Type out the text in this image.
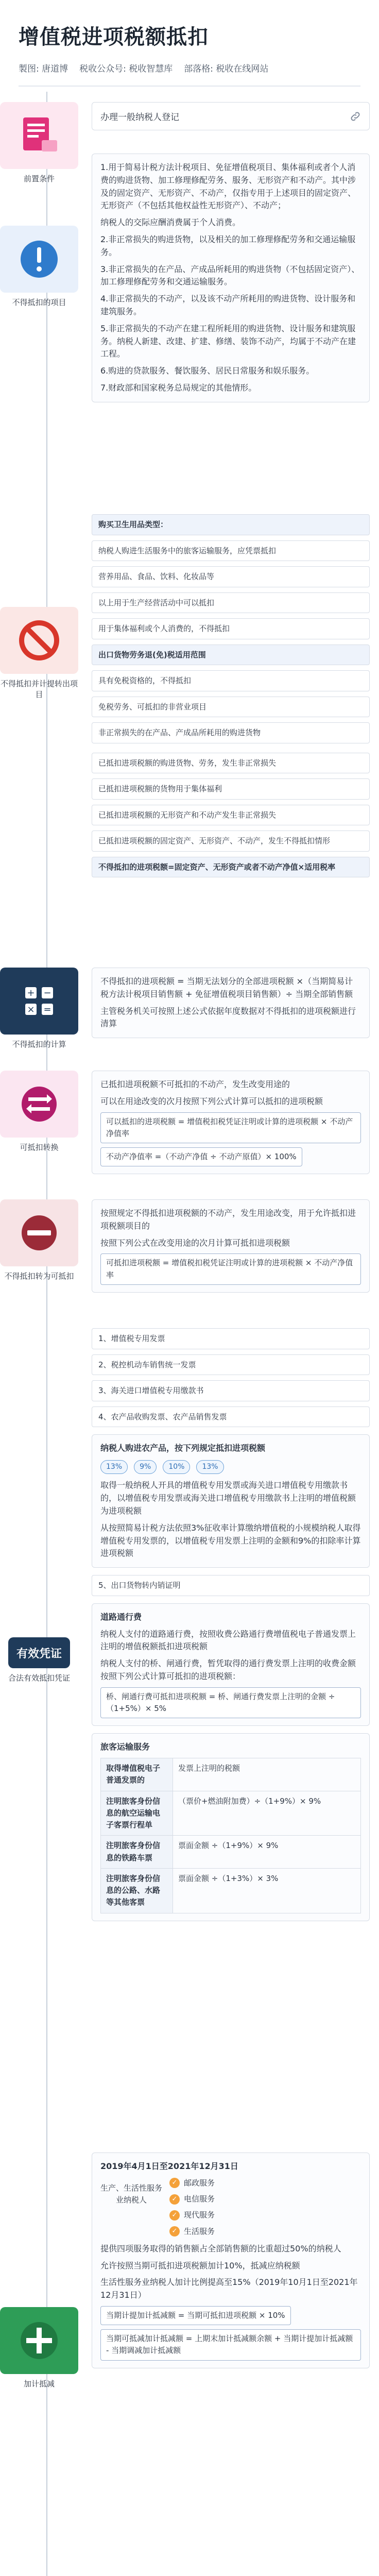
增值税进项税额抵扣
製图: 唐道博 税收公众号: 税收智慧库 部落格: 税收在线网站
前置条件
办理一般纳税人登记
不得抵扣的项目

1.用于简易计税方法计税项目、免征增值税项目、集体福利或者个人消费的购进货物、加工修理修配劳务、服务、无形资产和不动产。其中涉及的固定资产、无形资产、不动产，仅指专用于上述项目的固定资产、无形资产（不包括其他权益性无形资产）、不动产；

纳税人的交际应酬消费属于个人消费。

2.非正常损失的购进货物，以及相关的加工修理修配劳务和交通运输服务。

3.非正常损失的在产品、产成品所耗用的购进货物（不包括固定资产）、加工修理修配劳务和交通运输服务。

4.非正常损失的不动产，以及该不动产所耗用的购进货物、设计服务和建筑服务。

5.非正常损失的不动产在建工程所耗用的购进货物、设计服务和建筑服务。纳税人新建、改建、扩建、修缮、装饰不动产，均属于不动产在建工程。

6.购进的贷款服务、餐饮服务、居民日常服务和娱乐服务。

7.财政部和国家税务总局规定的其他情形。

不得抵扣并计提转出项目
购买卫生用品类型：
纳税人购进生活服务中的旅客运输服务，应凭票抵扣
营养用品、食品、饮料、化妆品等
以上用于生产经营活动中可以抵扣
用于集体福利或个人消费的，不得抵扣
出口货物劳务退(免)税适用范围
具有免税资格的，不得抵扣
免税劳务、可抵扣的非营业项目
非正常损失的在产品、产成品所耗用的购进货物
已抵扣进项税额的购进货物、劳务，发生非正常损失
已抵扣进项税额的货物用于集体福利
已抵扣进项税额的无形资产和不动产发生非正常损失
已抵扣进项税额的固定资产、无形资产、不动产，发生不得抵扣情形
不得抵扣的进项税额=固定资产、无形资产或者不动产净值×适用税率
+ −
× =
不得抵扣的计算

不得抵扣的进项税额 = 当期无法划分的全部进项税额 ×（当期简易计税方法计税项目销售额 + 免征增值税项目销售额）÷ 当期全部销售额

主管税务机关可按照上述公式依据年度数据对不得抵扣的进项税额进行清算

可抵扣转换

已抵扣进项税额不可抵扣的不动产，发生改变用途的

可以在用途改变的次月按照下列公式计算可以抵扣的进项税额

可以抵扣的进项税额 = 增值税扣税凭证注明或计算的进项税额 × 不动产净值率

不动产净值率 =（不动产净值 ÷ 不动产原值）× 100%

不得抵扣转为可抵扣

按照规定不得抵扣进项税额的不动产，发生用途改变，用于允许抵扣进项税额项目的

按照下列公式在改变用途的次月计算可抵扣进项税额

可抵扣进项税额 = 增值税扣税凭证注明或计算的进项税额 × 不动产净值率

有效凭证
合法有效抵扣凭证
1、增值税专用发票
2、税控机动车销售统一发票
3、海关进口增值税专用缴款书
4、农产品收购发票、农产品销售发票

纳税人购进农产品，按下列规定抵扣进项税额

13%	9%	10%	13%

取得一般纳税人开具的增值税专用发票或海关进口增值税专用缴款书的，以增值税专用发票或海关进口增值税专用缴款书上注明的增值税额为进项税额

从按照简易计税方法依照3%征收率计算缴纳增值税的小规模纳税人取得增值税专用发票的，以增值税专用发票上注明的金额和9%的扣除率计算进项税额

5、出口货物转内销证明

道路通行费

纳税人支付的道路通行费，按照收费公路通行费增值税电子普通发票上注明的增值税额抵扣进项税额

纳税人支付的桥、闸通行费，暂凭取得的通行费发票上注明的收费金额按照下列公式计算可抵扣的进项税额：

桥、闸通行费可抵扣进项税额 = 桥、闸通行费发票上注明的金额 ÷（1+5%）× 5%

旅客运输服务

取得增值税电子普通发票的	发票上注明的税额
注明旅客身份信息的航空运输电子客票行程单	（票价+燃油附加费）÷（1+9%）× 9%
注明旅客身份信息的铁路车票	票面金额 ÷（1+9%）× 9%
注明旅客身份信息的公路、水路等其他客票	票面金额 ÷（1+3%）× 3%
加计抵减

2019年4月1日至2021年12月31日

生产、生活性服务业纳税人
✓ 邮政服务
✓ 电信服务
✓ 现代服务
✓ 生活服务

提供四项服务取得的销售额占全部销售额的比重超过50%的纳税人

允许按照当期可抵扣进项税额加计10%，抵减应纳税额

生活性服务业纳税人加计比例提高至15%（2019年10月1日至2021年12月31日）

当期计提加计抵减额 = 当期可抵扣进项税额 × 10%

当期可抵减加计抵减额 = 上期末加计抵减额余额 + 当期计提加计抵减额 - 当期调减加计抵减额
